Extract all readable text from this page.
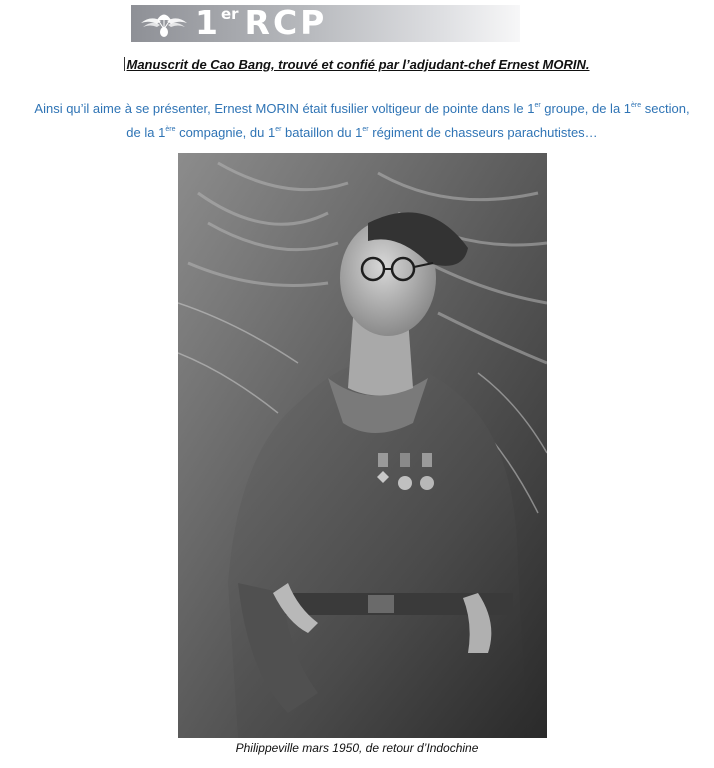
1er RCP
Manuscrit de Cao Bang, trouvé et confié par l’adjudant-chef Ernest MORIN.
Ainsi qu’il aime à se présenter, Ernest MORIN était fusilier voltigeur de pointe dans le 1er groupe, de la 1ère section, de la 1ère compagnie, du 1er bataillon du 1er régiment de chasseurs parachutistes…
Philippeville mars 1950, de retour d’Indochine
